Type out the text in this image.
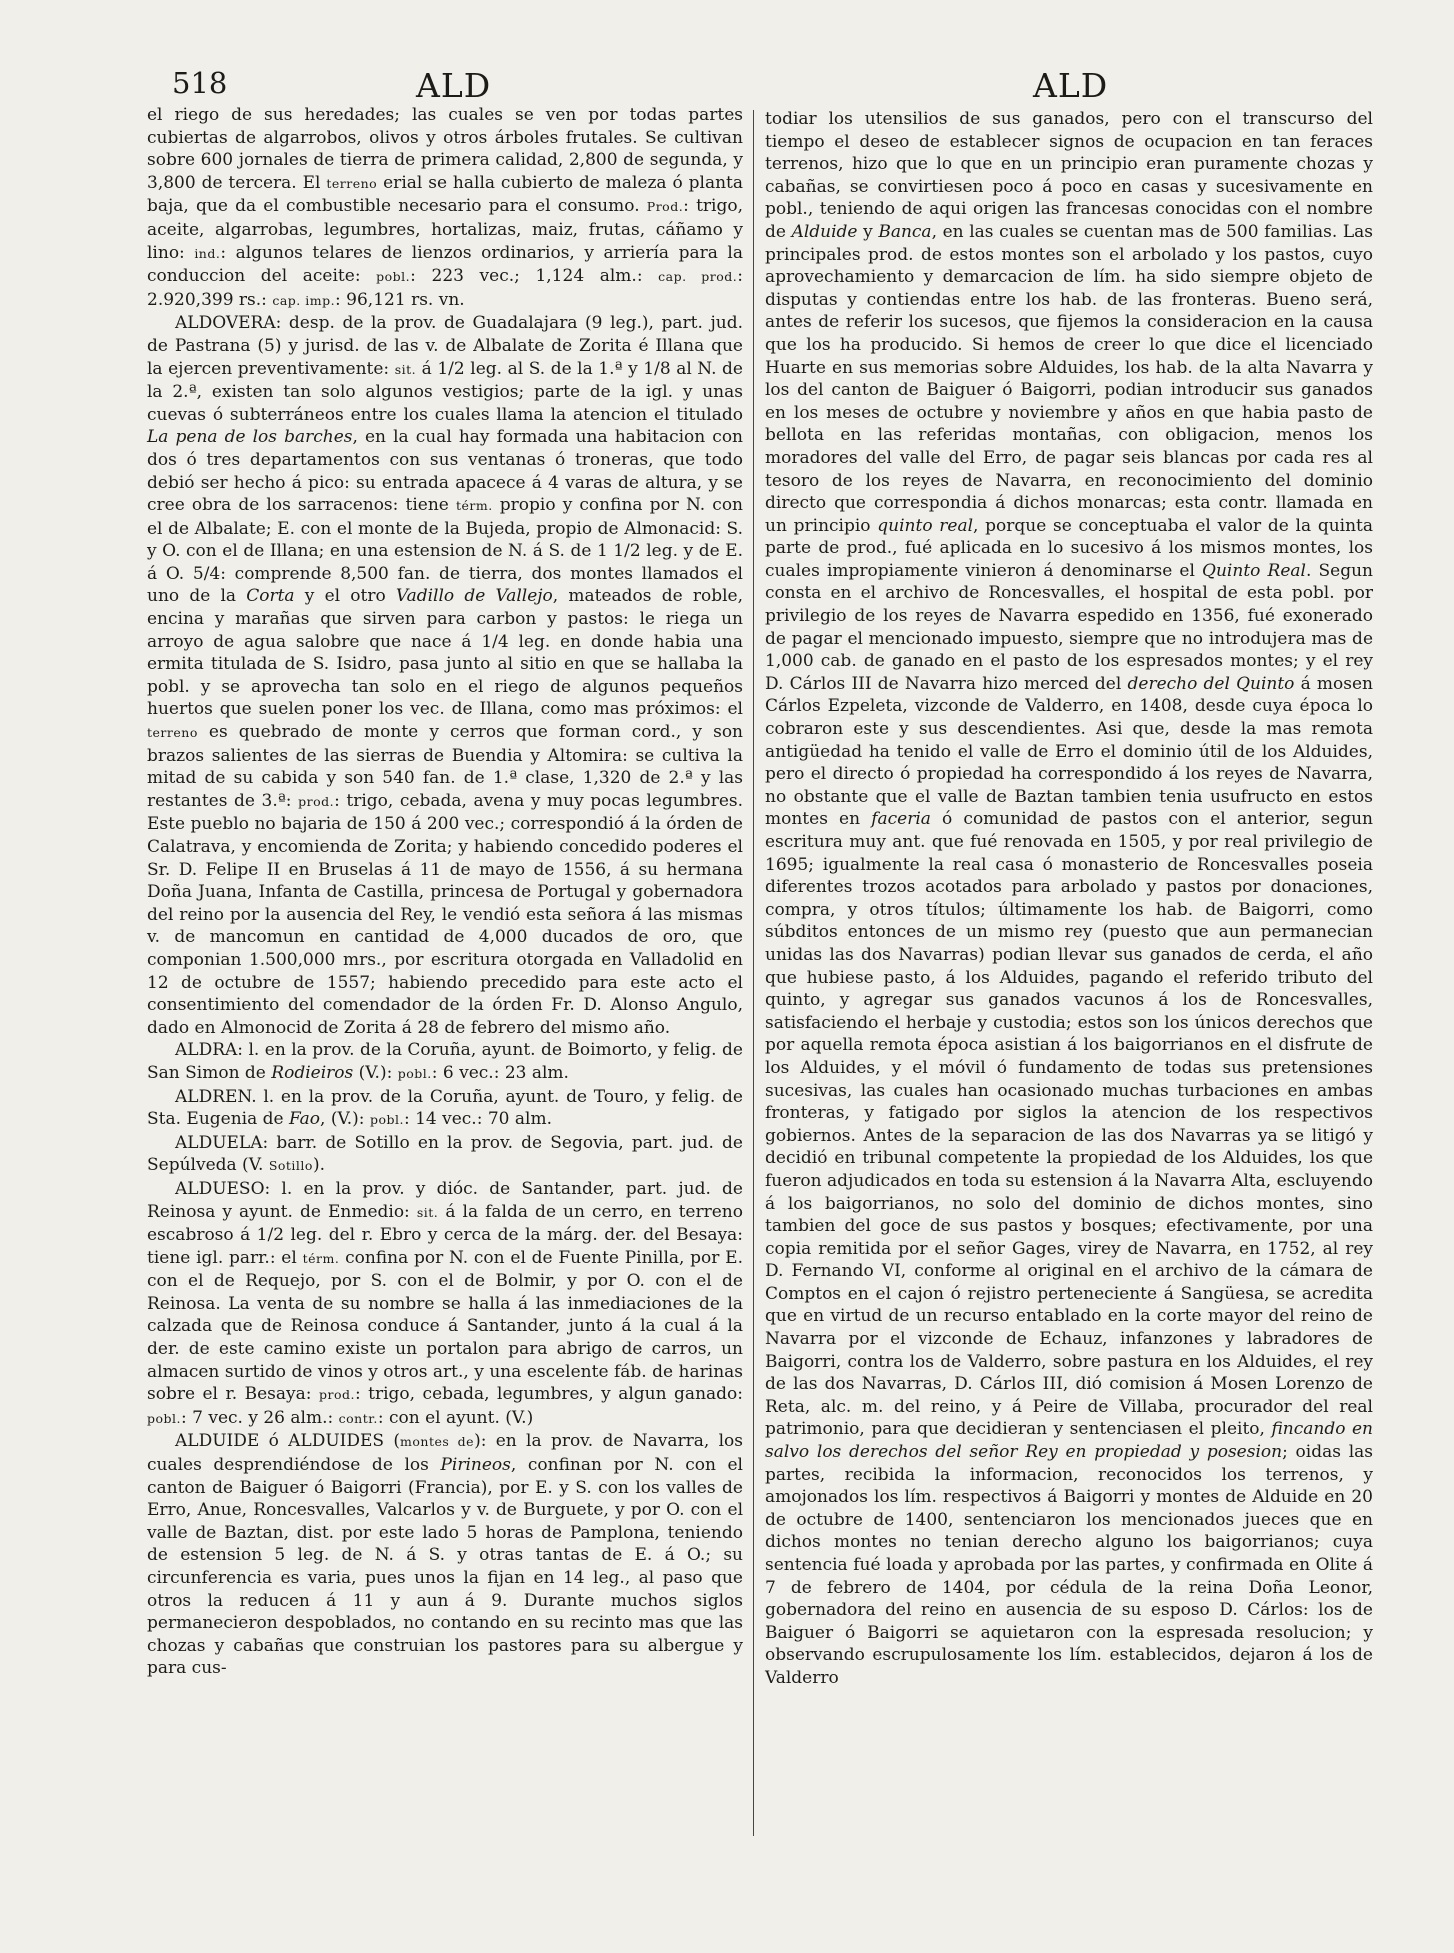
518	ALD	ALD

el riego de sus heredades; las cuales se ven por todas partes cubiertas de algarrobos, olivos y otros árboles frutales. Se cultivan sobre 600 jornales de tierra de primera calidad, 2,800 de segunda, y 3,800 de tercera. El terreno erial se halla cubierto de maleza ó planta baja, que da el combustible necesario para el consumo. Prod.: trigo, aceite, algarrobas, legumbres, hortalizas, maiz, frutas, cáñamo y lino: ind.: algunos telares de lienzos ordinarios, y arriería para la conduccion del aceite: pobl.: 223 vec.; 1,124 alm.: cap. prod.: 2.920,399 rs.: cap. imp.: 96,121 rs. vn.

ALDOVERA: desp. de la prov. de Guadalajara (9 leg.), part. jud. de Pastrana (5) y jurisd. de las v. de Albalate de Zorita é Illana que la ejercen preventivamente: sit. á 1/2 leg. al S. de la 1.ª y 1/8 al N. de la 2.ª, existen tan solo algunos vestigios; parte de la igl. y unas cuevas ó subterráneos entre los cuales llama la atencion el titulado La pena de los barches, en la cual hay formada una habitacion con dos ó tres departamentos con sus ventanas ó troneras, que todo debió ser hecho á pico: su entrada apacece á 4 varas de altura, y se cree obra de los sarracenos: tiene térm. propio y confina por N. con el de Albalate; E. con el monte de la Bujeda, propio de Almonacid: S. y O. con el de Illana; en una estension de N. á S. de 1 1/2 leg. y de E. á O. 5/4: comprende 8,500 fan. de tierra, dos montes llamados el uno de la Corta y el otro Vadillo de Vallejo, mateados de roble, encina y marañas que sirven para carbon y pastos: le riega un arroyo de agua salobre que nace á 1/4 leg. en donde habia una ermita titulada de S. Isidro, pasa junto al sitio en que se hallaba la pobl. y se aprovecha tan solo en el riego de algunos pequeños huertos que suelen poner los vec. de Illana, como mas próximos: el terreno es quebrado de monte y cerros que forman cord., y son brazos salientes de las sierras de Buendia y Altomira: se cultiva la mitad de su cabida y son 540 fan. de 1.ª clase, 1,320 de 2.ª y las restantes de 3.ª: prod.: trigo, cebada, avena y muy pocas legumbres. Este pueblo no bajaria de 150 á 200 vec.; correspondió á la órden de Calatrava, y encomienda de Zorita; y habiendo concedido poderes el Sr. D. Felipe II en Bruselas á 11 de mayo de 1556, á su hermana Doña Juana, Infanta de Castilla, princesa de Portugal y gobernadora del reino por la ausencia del Rey, le vendió esta señora á las mismas v. de mancomun en cantidad de 4,000 ducados de oro, que componian 1.500,000 mrs., por escritura otorgada en Valladolid en 12 de octubre de 1557; habiendo precedido para este acto el consentimiento del comendador de la órden Fr. D. Alonso Angulo, dado en Almonocid de Zorita á 28 de febrero del mismo año.

ALDRA: l. en la prov. de la Coruña, ayunt. de Boimorto, y felig. de San Simon de Rodieiros (V.): pobl.: 6 vec.: 23 alm.

ALDREN. l. en la prov. de la Coruña, ayunt. de Touro, y felig. de Sta. Eugenia de Fao, (V.): pobl.: 14 vec.: 70 alm.

ALDUELA: barr. de Sotillo en la prov. de Segovia, part. jud. de Sepúlveda (V. Sotillo).

ALDUESO: l. en la prov. y dióc. de Santander, part. jud. de Reinosa y ayunt. de Enmedio: sit. á la falda de un cerro, en terreno escabroso á 1/2 leg. del r. Ebro y cerca de la márg. der. del Besaya: tiene igl. parr.: el térm. confina por N. con el de Fuente Pinilla, por E. con el de Requejo, por S. con el de Bolmir, y por O. con el de Reinosa. La venta de su nombre se halla á las inmediaciones de la calzada que de Reinosa conduce á Santander, junto á la cual á la der. de este camino existe un portalon para abrigo de carros, un almacen surtido de vinos y otros art., y una escelente fáb. de harinas sobre el r. Besaya: prod.: trigo, cebada, legumbres, y algun ganado: pobl.: 7 vec. y 26 alm.: contr.: con el ayunt. (V.)

ALDUIDE ó ALDUIDES (montes de): en la prov. de Navarra, los cuales desprendiéndose de los Pirineos, confinan por N. con el canton de Baiguer ó Baigorri (Francia), por E. y S. con los valles de Erro, Anue, Roncesvalles, Valcarlos y v. de Burguete, y por O. con el valle de Baztan, dist. por este lado 5 horas de Pamplona, teniendo de estension 5 leg. de N. á S. y otras tantas de E. á O.; su circunferencia es varia, pues unos la fijan en 14 leg., al paso que otros la reducen á 11 y aun á 9. Durante muchos siglos permanecieron despoblados, no contando en su recinto mas que las chozas y cabañas que construian los pastores para su albergue y para cus-

todiar los utensilios de sus ganados, pero con el transcurso del tiempo el deseo de establecer signos de ocupacion en tan feraces terrenos, hizo que lo que en un principio eran puramente chozas y cabañas, se convirtiesen poco á poco en casas y sucesivamente en pobl., teniendo de aqui origen las francesas conocidas con el nombre de Alduide y Banca, en las cuales se cuentan mas de 500 familias. Las principales prod. de estos montes son el arbolado y los pastos, cuyo aprovechamiento y demarcacion de lím. ha sido siempre objeto de disputas y contiendas entre los hab. de las fronteras. Bueno será, antes de referir los sucesos, que fijemos la consideracion en la causa que los ha producido. Si hemos de creer lo que dice el licenciado Huarte en sus memorias sobre Alduides, los hab. de la alta Navarra y los del canton de Baiguer ó Baigorri, podian introducir sus ganados en los meses de octubre y noviembre y años en que habia pasto de bellota en las referidas montañas, con obligacion, menos los moradores del valle del Erro, de pagar seis blancas por cada res al tesoro de los reyes de Navarra, en reconocimiento del dominio directo que correspondia á dichos monarcas; esta contr. llamada en un principio quinto real, porque se conceptuaba el valor de la quinta parte de prod., fué aplicada en lo sucesivo á los mismos montes, los cuales impropiamente vinieron á denominarse el Quinto Real. Segun consta en el archivo de Roncesvalles, el hospital de esta pobl. por privilegio de los reyes de Navarra espedido en 1356, fué exonerado de pagar el mencionado impuesto, siempre que no introdujera mas de 1,000 cab. de ganado en el pasto de los espresados montes; y el rey D. Cárlos III de Navarra hizo merced del derecho del Quinto á mosen Cárlos Ezpeleta, vizconde de Valderro, en 1408, desde cuya época lo cobraron este y sus descendientes. Asi que, desde la mas remota antigüedad ha tenido el valle de Erro el dominio útil de los Alduides, pero el directo ó propiedad ha correspondido á los reyes de Navarra, no obstante que el valle de Baztan tambien tenia usufructo en estos montes en faceria ó comunidad de pastos con el anterior, segun escritura muy ant. que fué renovada en 1505, y por real privilegio de 1695; igualmente la real casa ó monasterio de Roncesvalles poseia diferentes trozos acotados para arbolado y pastos por donaciones, compra, y otros títulos; últimamente los hab. de Baigorri, como súbditos entonces de un mismo rey (puesto que aun permanecian unidas las dos Navarras) podian llevar sus ganados de cerda, el año que hubiese pasto, á los Alduides, pagando el referido tributo del quinto, y agregar sus ganados vacunos á los de Roncesvalles, satisfaciendo el herbaje y custodia; estos son los únicos derechos que por aquella remota época asistian á los baigorrianos en el disfrute de los Alduides, y el móvil ó fundamento de todas sus pretensiones sucesivas, las cuales han ocasionado muchas turbaciones en ambas fronteras, y fatigado por siglos la atencion de los respectivos gobiernos. Antes de la separacion de las dos Navarras ya se litigó y decidió en tribunal competente la propiedad de los Alduides, los que fueron adjudicados en toda su estension á la Navarra Alta, escluyendo á los baigorrianos, no solo del dominio de dichos montes, sino tambien del goce de sus pastos y bosques; efectivamente, por una copia remitida por el señor Gages, virey de Navarra, en 1752, al rey D. Fernando VI, conforme al original en el archivo de la cámara de Comptos en el cajon ó rejistro perteneciente á Sangüesa, se acredita que en virtud de un recurso entablado en la corte mayor del reino de Navarra por el vizconde de Echauz, infanzones y labradores de Baigorri, contra los de Valderro, sobre pastura en los Alduides, el rey de las dos Navarras, D. Cárlos III, dió comision á Mosen Lorenzo de Reta, alc. m. del reino, y á Peire de Villaba, procurador del real patrimonio, para que decidieran y sentenciasen el pleito, fincando en salvo los derechos del señor Rey en propiedad y posesion; oidas las partes, recibida la informacion, reconocidos los terrenos, y amojonados los lím. respectivos á Baigorri y montes de Alduide en 20 de octubre de 1400, sentenciaron los mencionados jueces que en dichos montes no tenian derecho alguno los baigorrianos; cuya sentencia fué loada y aprobada por las partes, y confirmada en Olite á 7 de febrero de 1404, por cédula de la reina Doña Leonor, gobernadora del reino en ausencia de su esposo D. Cárlos: los de Baiguer ó Baigorri se aquietaron con la espresada resolucion; y observando escrupulosamente los lím. establecidos, dejaron á los de Valderro
